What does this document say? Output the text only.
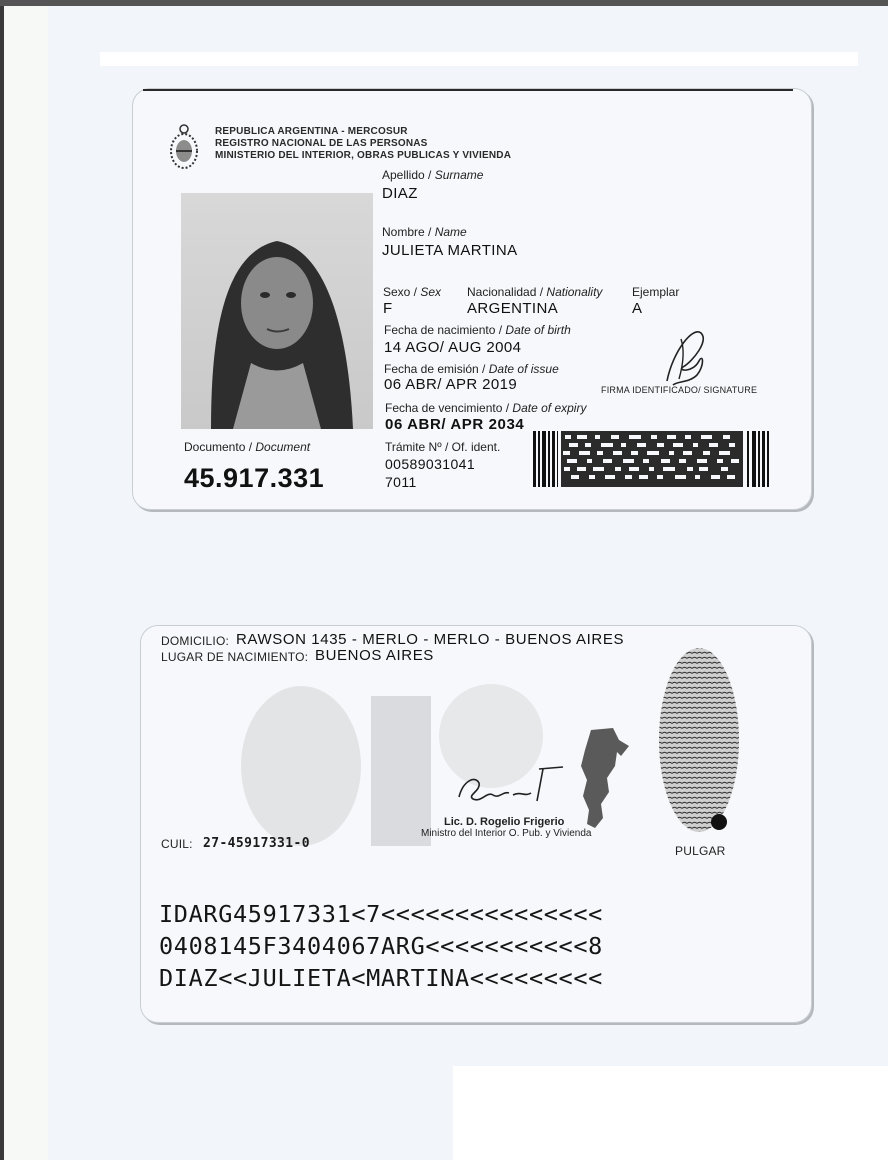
REPUBLICA ARGENTINA - MERCOSUR
REGISTRO NACIONAL DE LAS PERSONAS
MINISTERIO DEL INTERIOR, OBRAS PUBLICAS Y VIVIENDA
Apellido / Surname
DIAZ
Nombre / Name
JULIETA MARTINA
Sexo / Sex
F
Nacionalidad / Nationality
ARGENTINA
Ejemplar
A
Fecha de nacimiento / Date of birth
14 AGO/ AUG 2004
Fecha de emisión / Date of issue
06 ABR/ APR 2019	FIRMA IDENTIFICADO/ SIGNATURE
Fecha de vencimiento / Date of expiry
06 ABR/ APR 2034
Documento / Document
45.917.331
Trámite Nº / Of. ident.
00589031041
7011
DOMICILIO: RAWSON 1435 - MERLO - MERLO - BUENOS AIRES
LUGAR DE NACIMIENTO: BUENOS AIRES
Lic. D. Rogelio Frigerio
Ministro del Interior O. Pub. y Vivienda
CUIL: 27-45917331-0	PULGAR
IDARG45917331<7<<<<<<<<<<<<<<<
0408145F3404067ARG<<<<<<<<<<<8
DIAZ<<JULIETA<MARTINA<<<<<<<<<
